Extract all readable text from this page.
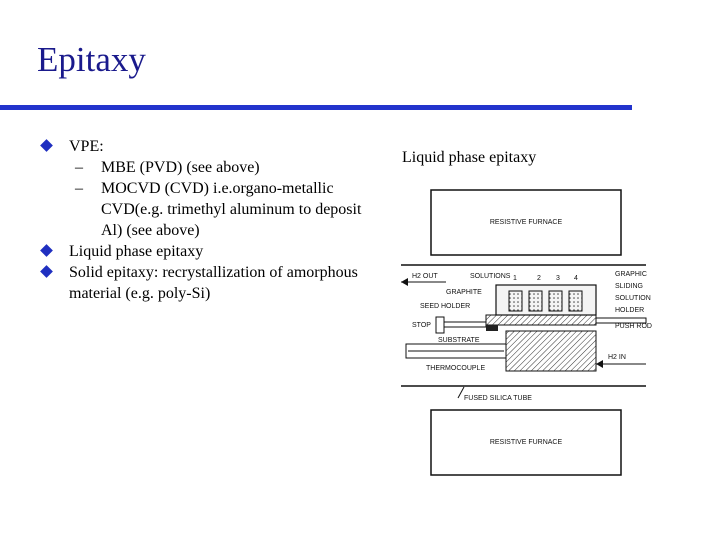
Epitaxy
VPE:
– MBE (PVD) (see above)
– MOCVD (CVD) i.e.organo-metallic CVD(e.g. trimethyl aluminum to deposit Al) (see above)
Liquid phase epitaxy
Solid epitaxy: recrystallization of amorphous material (e.g. poly-Si)
Liquid phase epitaxy
RESISTIVE FURNACE
H2 OUT	SOLUTIONS 1	2 3 4
GRAPHITE
SEED HOLDER
GRAPHIC
SLIDING
SOLUTION
HOLDER
PUSH ROD
STOP
SUBSTRATE
THERMOCOUPLE
H2 IN
FUSED SILICA TUBE
RESISTIVE FURNACE
